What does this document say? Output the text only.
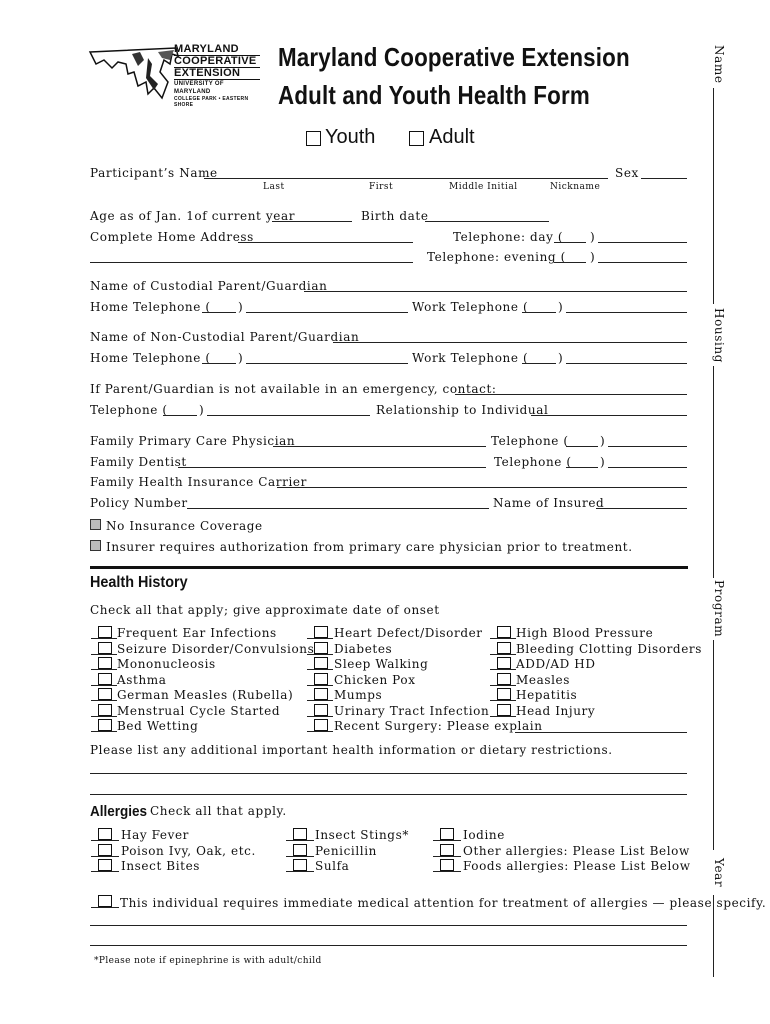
MARYLAND
COOPERATIVE
EXTENSION
UNIVERSITY OF MARYLAND
COLLEGE PARK • EASTERN SHORE
Maryland Cooperative Extension
Adult and Youth Health Form
Youth	Adult
Participant’s Name	Sex
Last	First	Middle Initial	Nickname
Age as of Jan. 1of current year	Birth date
Complete Home Address	Telephone: day ( )
Telephone: evening ( )
Name of Custodial Parent/Guardian
Home Telephone ( )	Work Telephone ( )
Name of Non-Custodial Parent/Guardian
Home Telephone ( )	Work Telephone ( )
If Parent/Guardian is not available in an emergency, contact:
Telephone (	)	Relationship to Individual
Family Primary Care Physician	Telephone (	)
Family Dentist	Telephone ( )
Family Health Insurance Carrier
Policy Number	Name of Insured
No Insurance Coverage
Insurer requires authorization from primary care physician prior to treatment.
Health History
Check all that apply; give approximate date of onset
Frequent Ear Infections
Seizure Disorder/Convulsions
Mononucleosis
Asthma
German Measles (Rubella)
Menstrual Cycle Started
Bed Wetting
Heart Defect/Disorder
Diabetes
Sleep Walking
Chicken Pox
Mumps
Urinary Tract Infection
Recent Surgery: Please explain
High Blood Pressure
Bleeding Clotting Disorders
ADD/AD HD
Measles
Hepatitis
Head Injury
Please list any additional important health information or dietary restrictions.
Allergies Check all that apply.
Hay Fever
Poison Ivy, Oak, etc.
Insect Bites
Insect Stings*
Penicillin
Sulfa
Iodine
Other allergies: Please List Below
Foods allergies: Please List Below
This individual requires immediate medical attention for treatment of allergies — please specify.
*Please note if epinephrine is with adult/child
Name
Housing
Program
Year
